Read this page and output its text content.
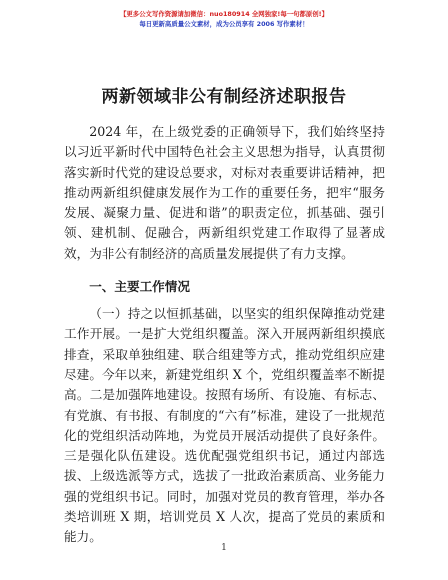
【更多公文写作资源请加微信：nuo180914 全网独家!每一句都原创!】
每日更新高质量公文素材，成为公员享有 2006 写作素材！
两新领域非公有制经济述职报告

2024 年，在上级党委的正确领导下，我们始终坚持以习近平新时代中国特色社会主义思想为指导，认真贯彻落实新时代党的建设总要求，对标对表重要讲话精神，把推动两新组织健康发展作为工作的重要任务，把牢“服务发展、凝聚力量、促进和谐”的职责定位，抓基础、强引领、建机制、促融合，两新组织党建工作取得了显著成效，为非公有制经济的高质量发展提供了有力支撑。

一、主要工作情况

（一）持之以恒抓基础，以坚实的组织保障推动党建工作开展。一是扩大党组织覆盖。深入开展两新组织摸底排查，采取单独组建、联合组建等方式，推动党组织应建尽建。今年以来，新建党组织 X 个，党组织覆盖率不断提高。二是加强阵地建设。按照有场所、有设施、有标志、有党旗、有书报、有制度的“六有”标准，建设了一批规范化的党组织活动阵地，为党员开展活动提供了良好条件。三是强化队伍建设。选优配强党组织书记，通过内部选拔、上级选派等方式，选拔了一批政治素质高、业务能力强的党组织书记。同时，加强对党员的教育管理，举办各类培训班 X 期，培训党员 X 人次，提高了党员的素质和能力。

1
